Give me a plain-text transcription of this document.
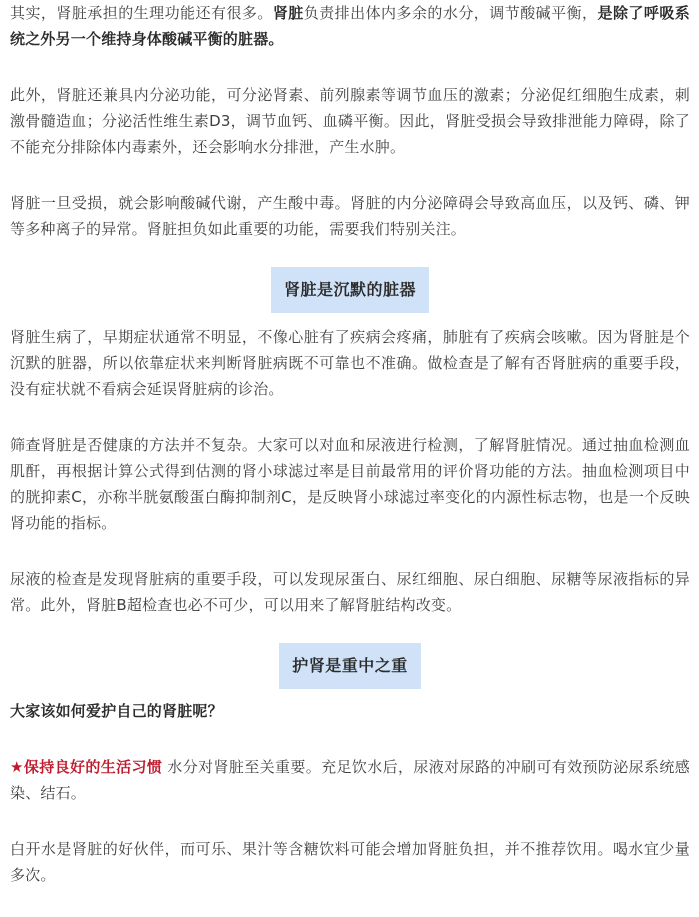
其实，肾脏承担的生理功能还有很多。肾脏负责排出体内多余的水分，调节酸碱平衡，是除了呼吸系统之外另一个维持身体酸碱平衡的脏器。

此外，肾脏还兼具内分泌功能，可分泌肾素、前列腺素等调节血压的激素；分泌促红细胞生成素，刺激骨髓造血；分泌活性维生素D3，调节血钙、血磷平衡。因此，肾脏受损会导致排泄能力障碍，除了不能充分排除体内毒素外，还会影响水分排泄，产生水肿。

肾脏一旦受损，就会影响酸碱代谢，产生酸中毒。肾脏的内分泌障碍会导致高血压，以及钙、磷、钾等多种离子的异常。肾脏担负如此重要的功能，需要我们特别关注。

肾脏是沉默的脏器

肾脏生病了，早期症状通常不明显，不像心脏有了疾病会疼痛，肺脏有了疾病会咳嗽。因为肾脏是个沉默的脏器，所以依靠症状来判断肾脏病既不可靠也不准确。做检查是了解有否肾脏病的重要手段，没有症状就不看病会延误肾脏病的诊治。

筛查肾脏是否健康的方法并不复杂。大家可以对血和尿液进行检测，了解肾脏情况。通过抽血检测血肌酐，再根据计算公式得到估测的肾小球滤过率是目前最常用的评价肾功能的方法。抽血检测项目中的胱抑素C，亦称半胱氨酸蛋白酶抑制剂C，是反映肾小球滤过率变化的内源性标志物，也是一个反映肾功能的指标。

尿液的检查是发现肾脏病的重要手段，可以发现尿蛋白、尿红细胞、尿白细胞、尿糖等尿液指标的异常。此外，肾脏B超检查也必不可少，可以用来了解肾脏结构改变。

护肾是重中之重

大家该如何爱护自己的肾脏呢？

★保持良好的生活习惯 水分对肾脏至关重要。充足饮水后，尿液对尿路的冲刷可有效预防泌尿系统感染、结石。

白开水是肾脏的好伙伴，而可乐、果汁等含糖饮料可能会增加肾脏负担，并不推荐饮用。喝水宜少量多次。
